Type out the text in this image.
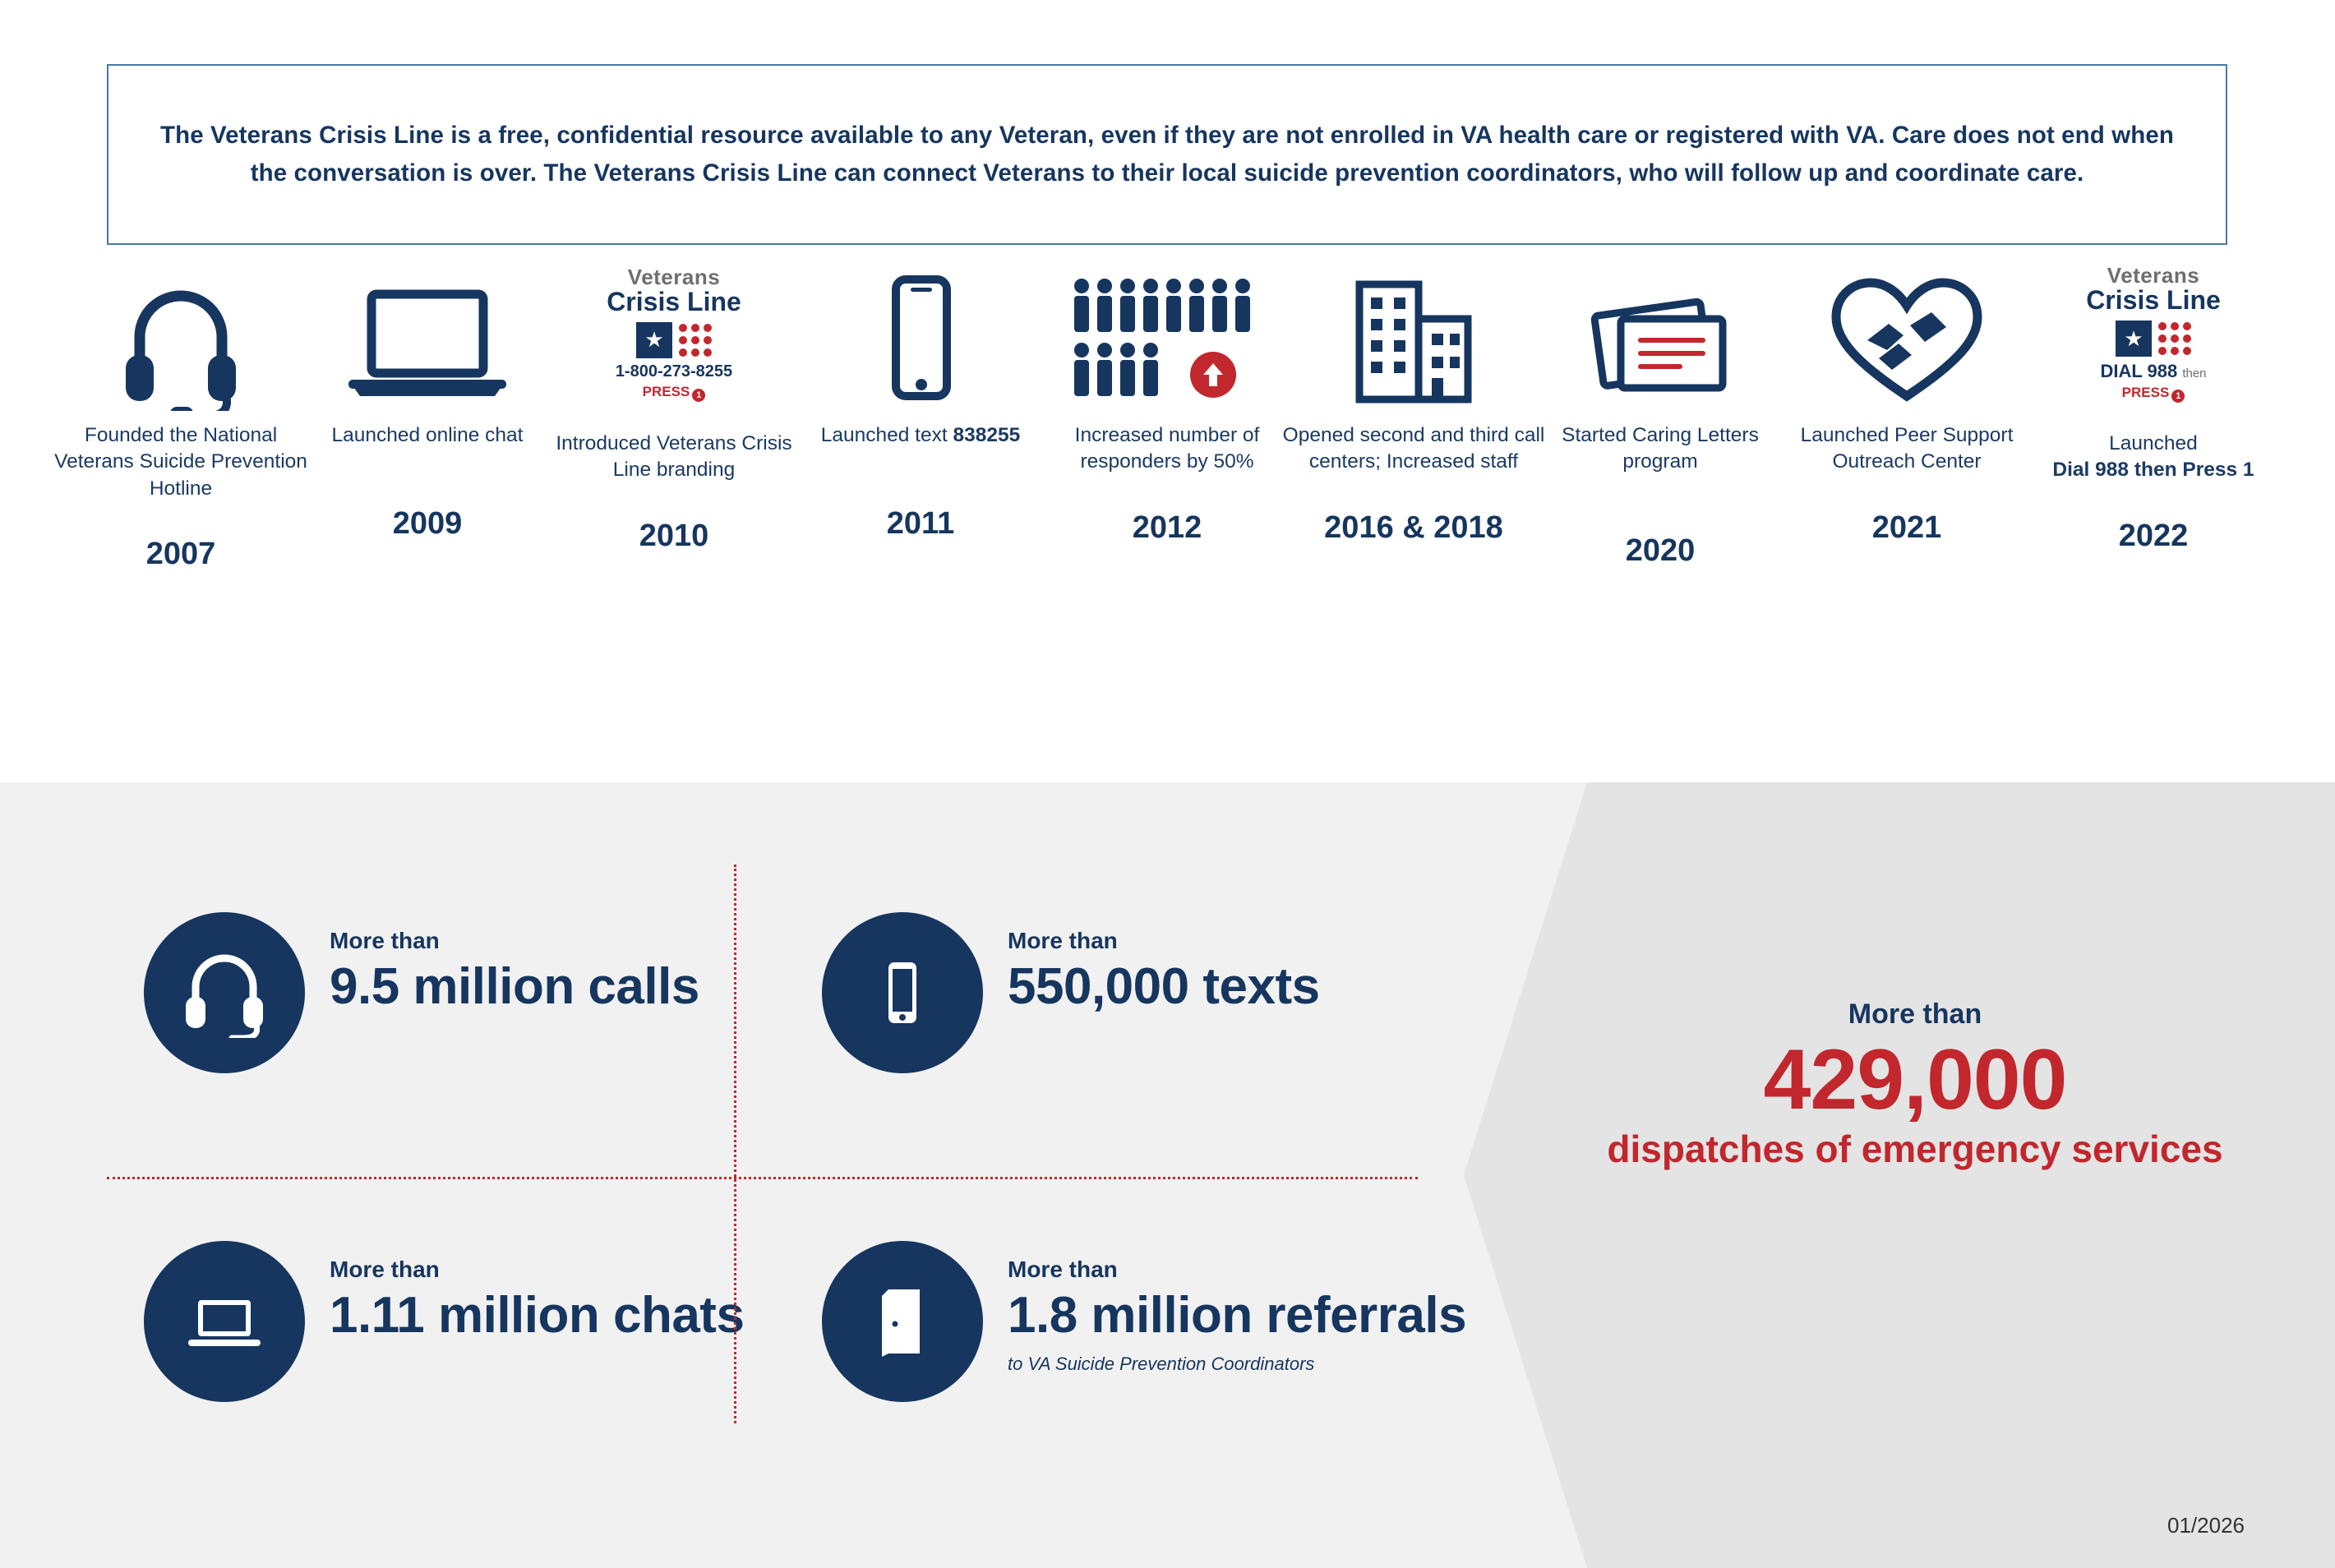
The Veterans Crisis Line is a free, confidential resource available to any Veteran, even if they are not enrolled in VA health care or registered with VA. Care does not end when the conversation is over. The Veterans Crisis Line can connect Veterans to their local suicide prevention coordinators, who will follow up and coordinate care.

Founded the National Veterans Suicide Prevention Hotline
2007
Launched online chat
2009
Veterans
Crisis Line
★
1-800-273-8255
PRESS 1
Introduced Veterans Crisis Line branding
2010
Launched text 838255
2011
Increased number of responders by 50%
2012
Opened second and third call centers; Increased staff
2016 & 2018
Started Caring Letters program
2020
Launched Peer Support Outreach Center
2021
Veterans
Crisis Line
★
DIAL 988 then
PRESS 1
Launched
Dial 988 then Press 1
2022
More than
9.5 million calls
More than
550,000 texts
More than
1.11 million chats
More than
1.8 million referrals
to VA Suicide Prevention Coordinators
More than
429,000
dispatches of emergency services
01/2026
